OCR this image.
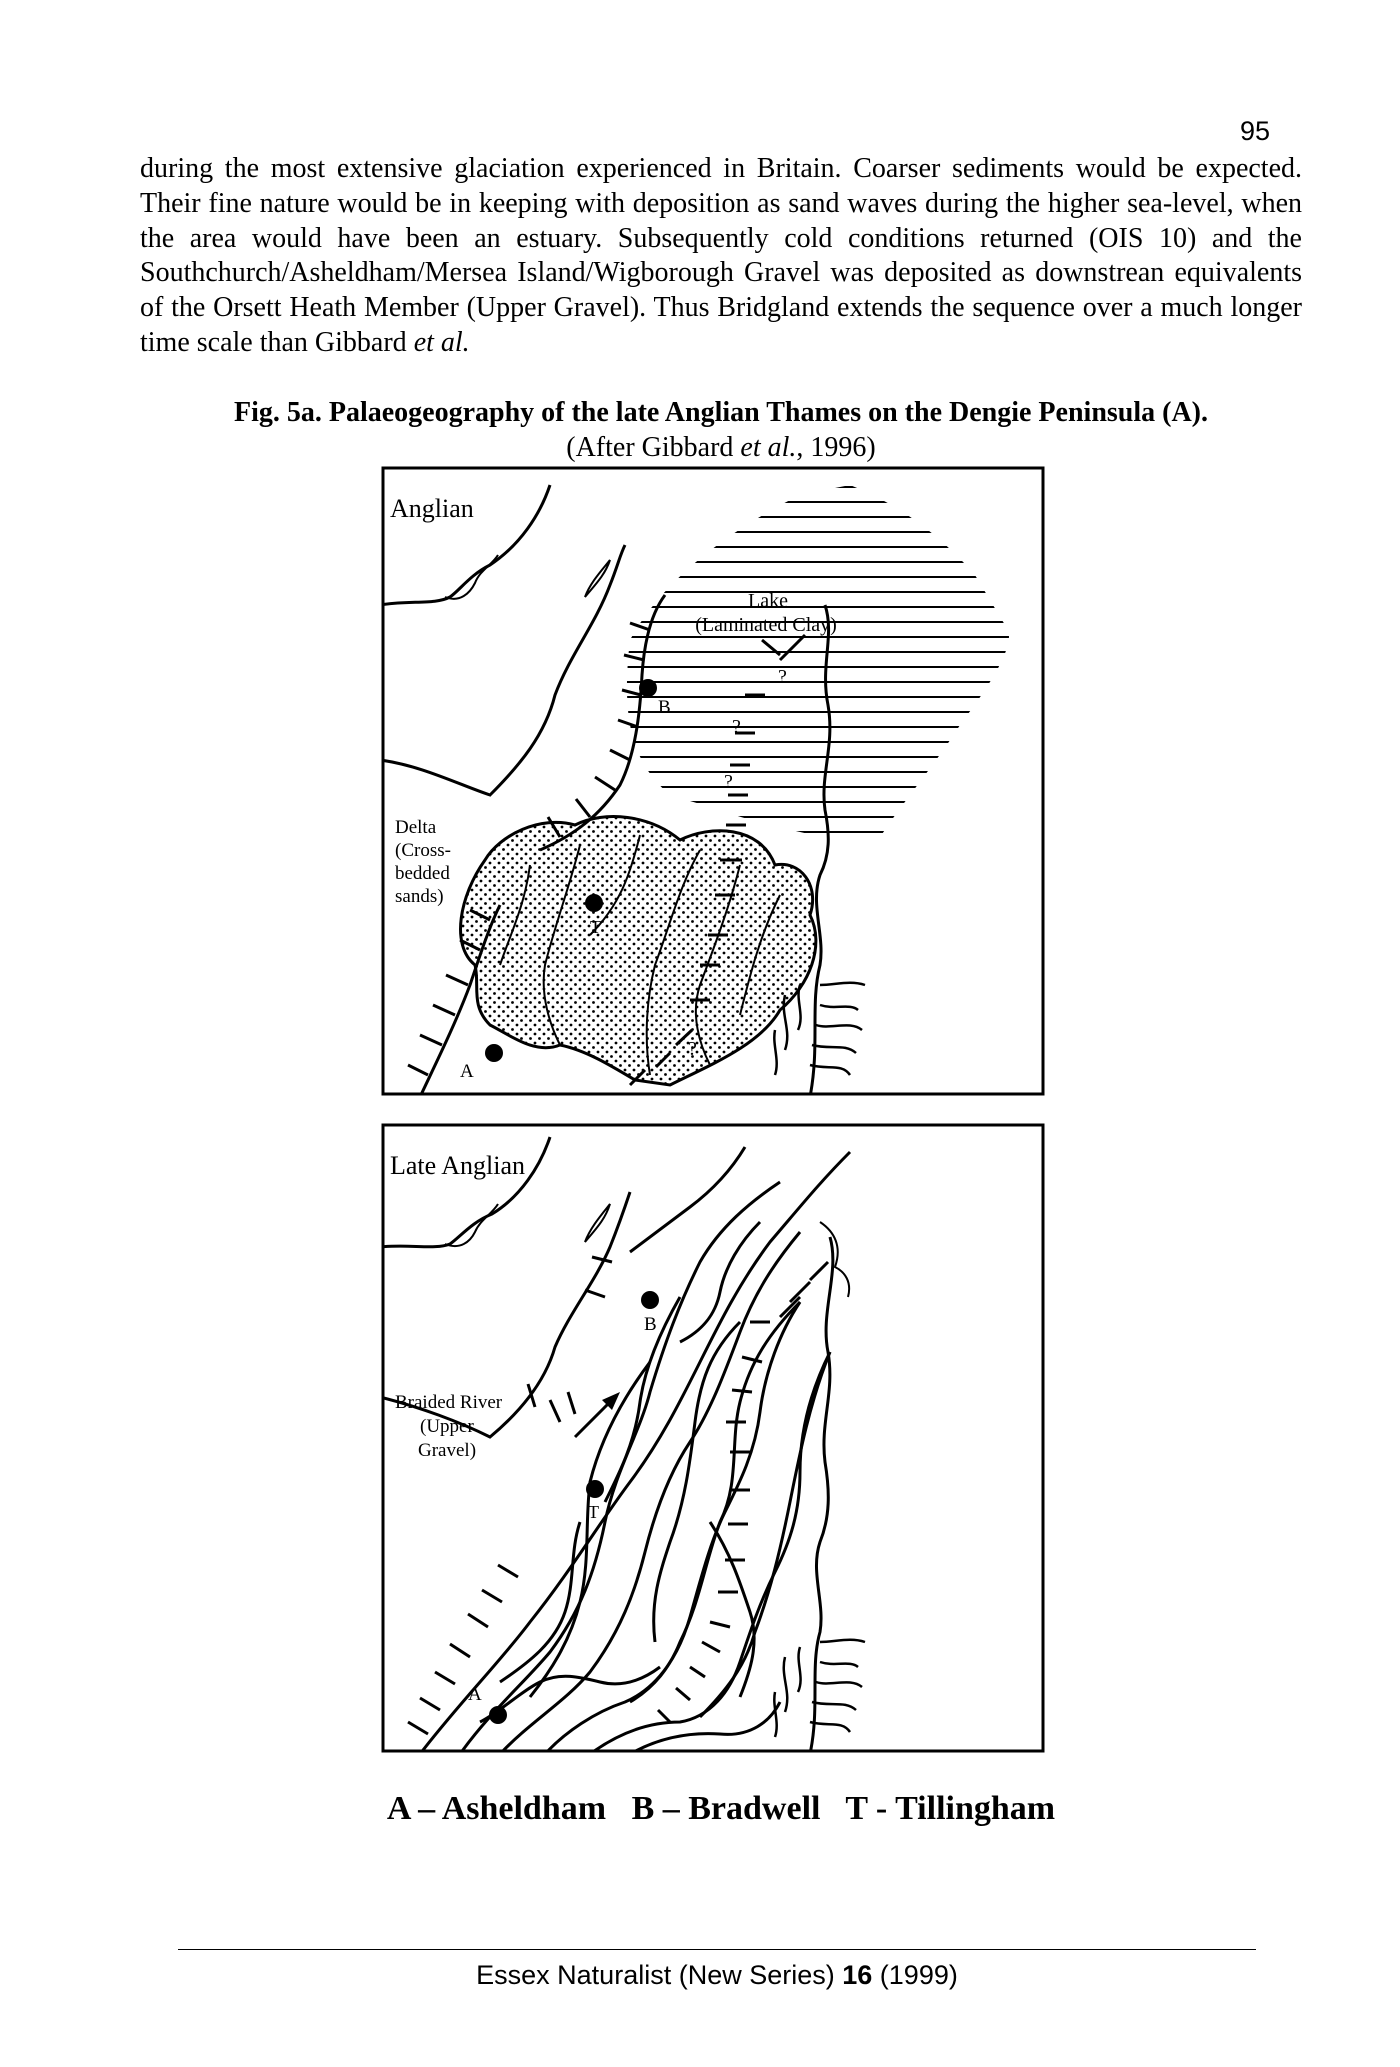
95
during the most extensive glaciation experienced in Britain. Coarser sediments would be expected. Their fine nature would be in keeping with deposition as sand waves during the higher sea-level, when the area would have been an estuary. Subsequently cold conditions returned (OIS 10) and the Southchurch/Asheldham/Mersea Island/Wigborough Gravel was deposited as downstrean equivalents of the Orsett Heath Member (Upper Gravel). Thus Bridgland extends the sequence over a much longer time scale than Gibbard et al.
Fig. 5a. Palaeogeography of the late Anglian Thames on the Dengie Peninsula (A).
(After Gibbard et al., 1996)
Anglian
Lake
(Laminated Clay)
Delta
(Cross-
bedded
sands)
B
T
A
?
?
?
?
Late Anglian
Braided River
(Upper
Gravel)
B
T
A
A – Asheldham   B – Bradwell   T - Tillingham
Essex Naturalist (New Series) 16 (1999)
